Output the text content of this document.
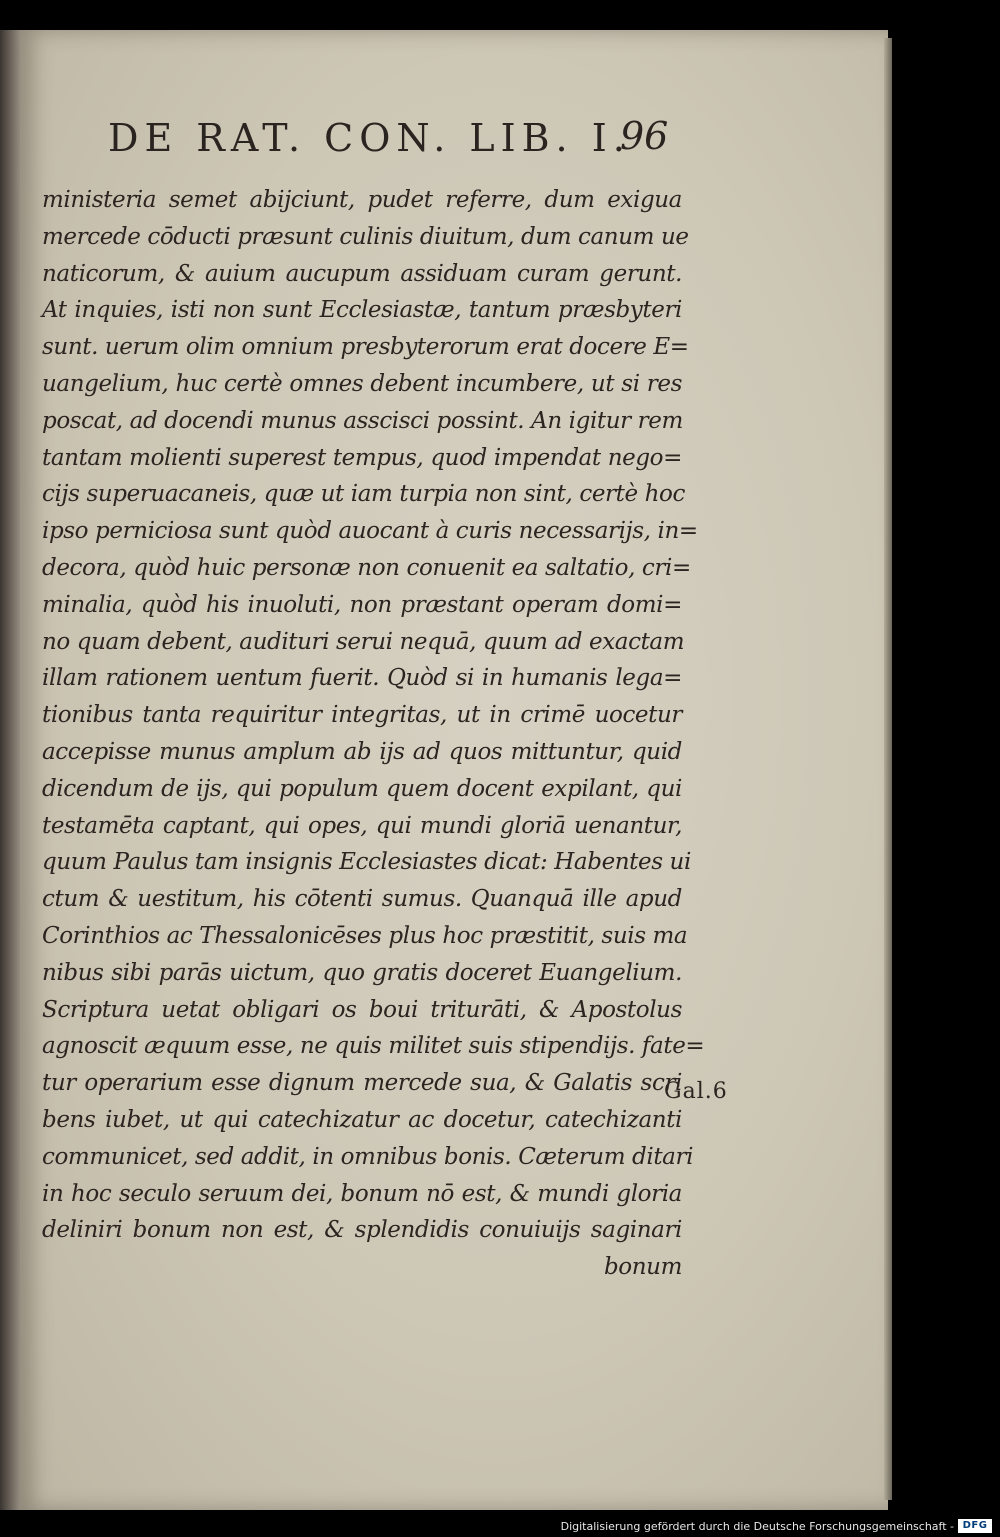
DE RAT. CON. LIB. I.
96
ministeria semet abijciunt, pudet referre, dum exigua
mercede cōducti præsunt culinis diuitum, dum canum ue
naticorum, & auium aucupum assiduam curam gerunt.
At inquies, isti non sunt Ecclesiastæ, tantum præsbyteri
sunt. uerum olim omnium presbyterorum erat docere E=
uangelium, huc certè omnes debent incumbere, ut si res
poscat, ad docendi munus asscisci possint. An igitur rem
tantam molienti superest tempus, quod impendat nego=
cijs superuacaneis, quæ ut iam turpia non sint, certè hoc
ipso perniciosa sunt quòd auocant à curis necessarijs, in=
decora, quòd huic personæ non conuenit ea saltatio, cri=
minalia, quòd his inuoluti, non præstant operam domi=
no quam debent, audituri serui nequā, quum ad exactam
illam rationem uentum fuerit. Quòd si in humanis lega=
tionibus tanta requiritur integritas, ut in crimē uocetur
accepisse munus amplum ab ijs ad quos mittuntur, quid
dicendum de ijs, qui populum quem docent expilant, qui
testamēta captant, qui opes, qui mundi gloriā uenantur,
quum Paulus tam insignis Ecclesiastes dicat: Habentes ui
ctum & uestitum, his cōtenti sumus. Quanquā ille apud
Corinthios ac Thessalonicēses plus hoc præstitit, suis ma
nibus sibi parās uictum, quo gratis doceret Euangelium.
Scriptura uetat obligari os boui triturāti, & Apostolus
agnoscit æquum esse, ne quis militet suis stipendijs. fate=
tur operarium esse dignum mercede sua, & Galatis scri
bens iubet, ut qui catechizatur ac docetur, catechizanti
communicet, sed addit, in omnibus bonis. Cæterum ditari
in hoc seculo seruum dei, bonum nō est, & mundi gloria
deliniri bonum non est, & splendidis conuiuijs saginari
bonum
Gal.6
Digitalisierung gefördert durch die Deutsche Forschungsgemeinschaft - DFG
